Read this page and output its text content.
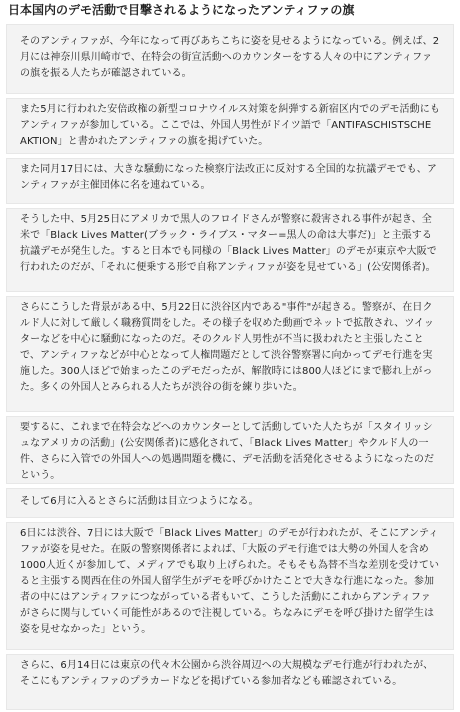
日本国内のデモ活動で目撃されるようになったアンティファの旗

そのアンティファが、今年になって再びあちこちに姿を見せるようになっている。例えば、2月には神奈川県川崎市で、在特会の街宣活動へのカウンターをする人々の中にアンティファの旗を振る人たちが確認されている。

また5月に行われた安倍政権の新型コロナウイルス対策を糾弾する新宿区内でのデモ活動にもアンティファが参加している。ここでは、外国人男性がドイツ語で「ANTIFASCHISTSCHE AKTION」と書かれたアンティファの旗を掲げていた。

また同月17日には、大きな騒動になった検察庁法改正に反対する全国的な抗議デモでも、アンティファが主催団体に名を連ねている。

そうした中、5月25日にアメリカで黒人のフロイドさんが警察に殺害される事件が起き、全米で「Black Lives Matter(ブラック・ライブス・マター=黒人の命は大事だ)」と主張する抗議デモが発生した。すると日本でも同様の「Black Lives Matter」のデモが東京や大阪で行われたのだが、「それに便乗する形で自称アンティファが姿を見せている」(公安関係者)。

さらにこうした背景がある中、5月22日に渋谷区内である"事件"が起きる。警察が、在日クルド人に対して厳しく職務質問をした。その様子を収めた動画でネットで拡散され、ツイッターなどを中心に騒動になったのだ。そのクルド人男性が不当に扱われたと主張したことで、アンティファなどが中心となって人権問題だとして渋谷警察署に向かってデモ行進を実施した。300人ほどで始まったこのデモだったが、解散時には800人ほどにまで膨れ上がった。多くの外国人とみられる人たちが渋谷の街を練り歩いた。

要するに、これまで在特会などへのカウンターとして活動していた人たちが「スタイリッシュなアメリカの活動」(公安関係者)に感化されて、「Black Lives Matter」やクルド人の一件、さらに入管での外国人への処遇問題を機に、デモ活動を活発化させるようになったのだという。

そして6月に入るとさらに活動は目立つようになる。

6日には渋谷、7日には大阪で「Black Lives Matter」のデモが行われたが、そこにアンティファが姿を見せた。在阪の警察関係者によれば、「大阪のデモ行進では大勢の外国人を含め1000人近くが参加して、メディアでも取り上げられた。そもそも為替不当な差別を受けていると主張する関西在住の外国人留学生がデモを呼びかけたことで大きな行進になった。参加者の中にはアンティファにつながっている者もいて、こうした活動にこれからアンティファがさらに関与していく可能性があるので注視している。ちなみにデモを呼び掛けた留学生は姿を見せなかった」という。

さらに、6月14日には東京の代々木公園から渋谷周辺への大規模なデモ行進が行われたが、そこにもアンティファのプラカードなどを掲げている参加者なども確認されている。
